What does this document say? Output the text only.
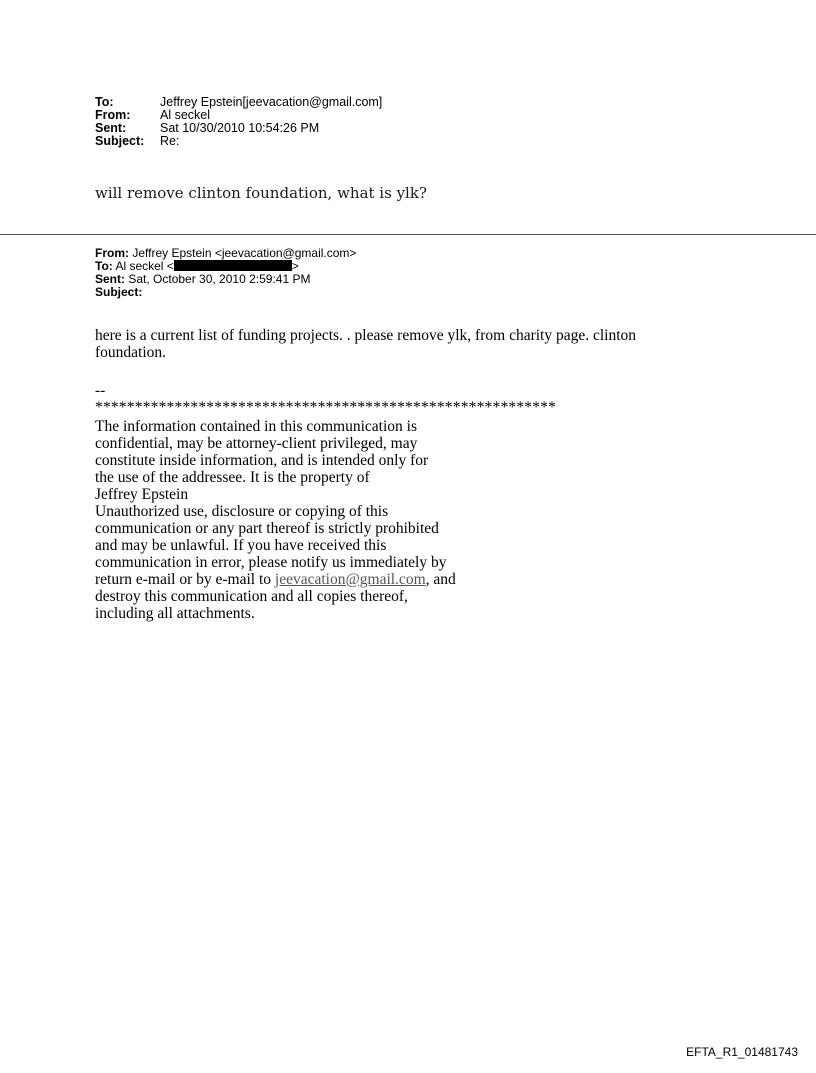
To:	Jeffrey Epstein[jeevacation@gmail.com]
From:	Al seckel
Sent:	Sat 10/30/2010 10:54:26 PM
Subject:	Re:
will remove clinton foundation, what is ylk?
From: Jeffrey Epstein <jeevacation@gmail.com>
To: Al seckel <	>
Sent: Sat, October 30, 2010 2:59:41 PM
Subject:
here is a current list of funding projects. . please remove ylk, from charity page. clinton foundation.
--
**********************************************************
The information contained in this communication is
confidential, may be attorney-client privileged, may
constitute inside information, and is intended only for
the use of the addressee. It is the property of
Jeffrey Epstein
Unauthorized use, disclosure or copying of this
communication or any part thereof is strictly prohibited
and may be unlawful. If you have received this
communication in error, please notify us immediately by
return e-mail or by e-mail to jeevacation@gmail.com, and
destroy this communication and all copies thereof,
including all attachments.
EFTA_R1_01481743
